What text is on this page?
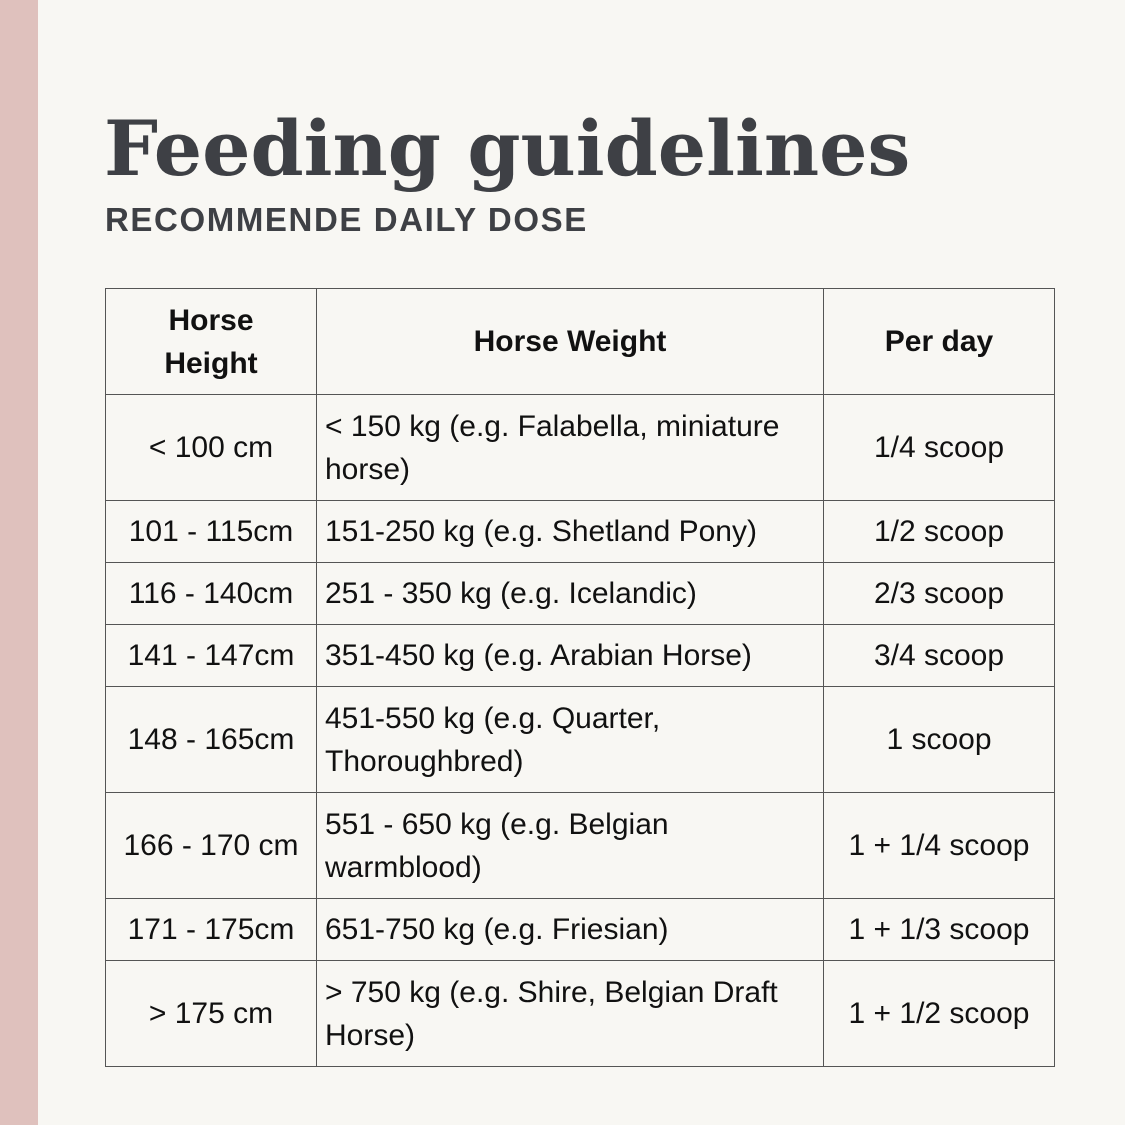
Feeding guidelines
RECOMMENDE DAILY DOSE
Horse Height	Horse Weight	Per day
< 100 cm	< 150 kg (e.g. Falabella, miniature horse)	1/4 scoop
101 - 115cm	151-250 kg (e.g. Shetland Pony)	1/2 scoop
116 - 140cm	251 - 350 kg (e.g. Icelandic)	2/3 scoop
141 - 147cm	351-450 kg (e.g. Arabian Horse)	3/4 scoop
148 - 165cm	451-550 kg (e.g. Quarter, Thoroughbred)	1 scoop
166 - 170 cm	551 - 650 kg (e.g. Belgian warmblood)	1 + 1/4 scoop
171 - 175cm	651-750 kg (e.g. Friesian)	1 + 1/3 scoop
> 175 cm	> 750 kg (e.g. Shire, Belgian Draft Horse)	1 + 1/2 scoop
